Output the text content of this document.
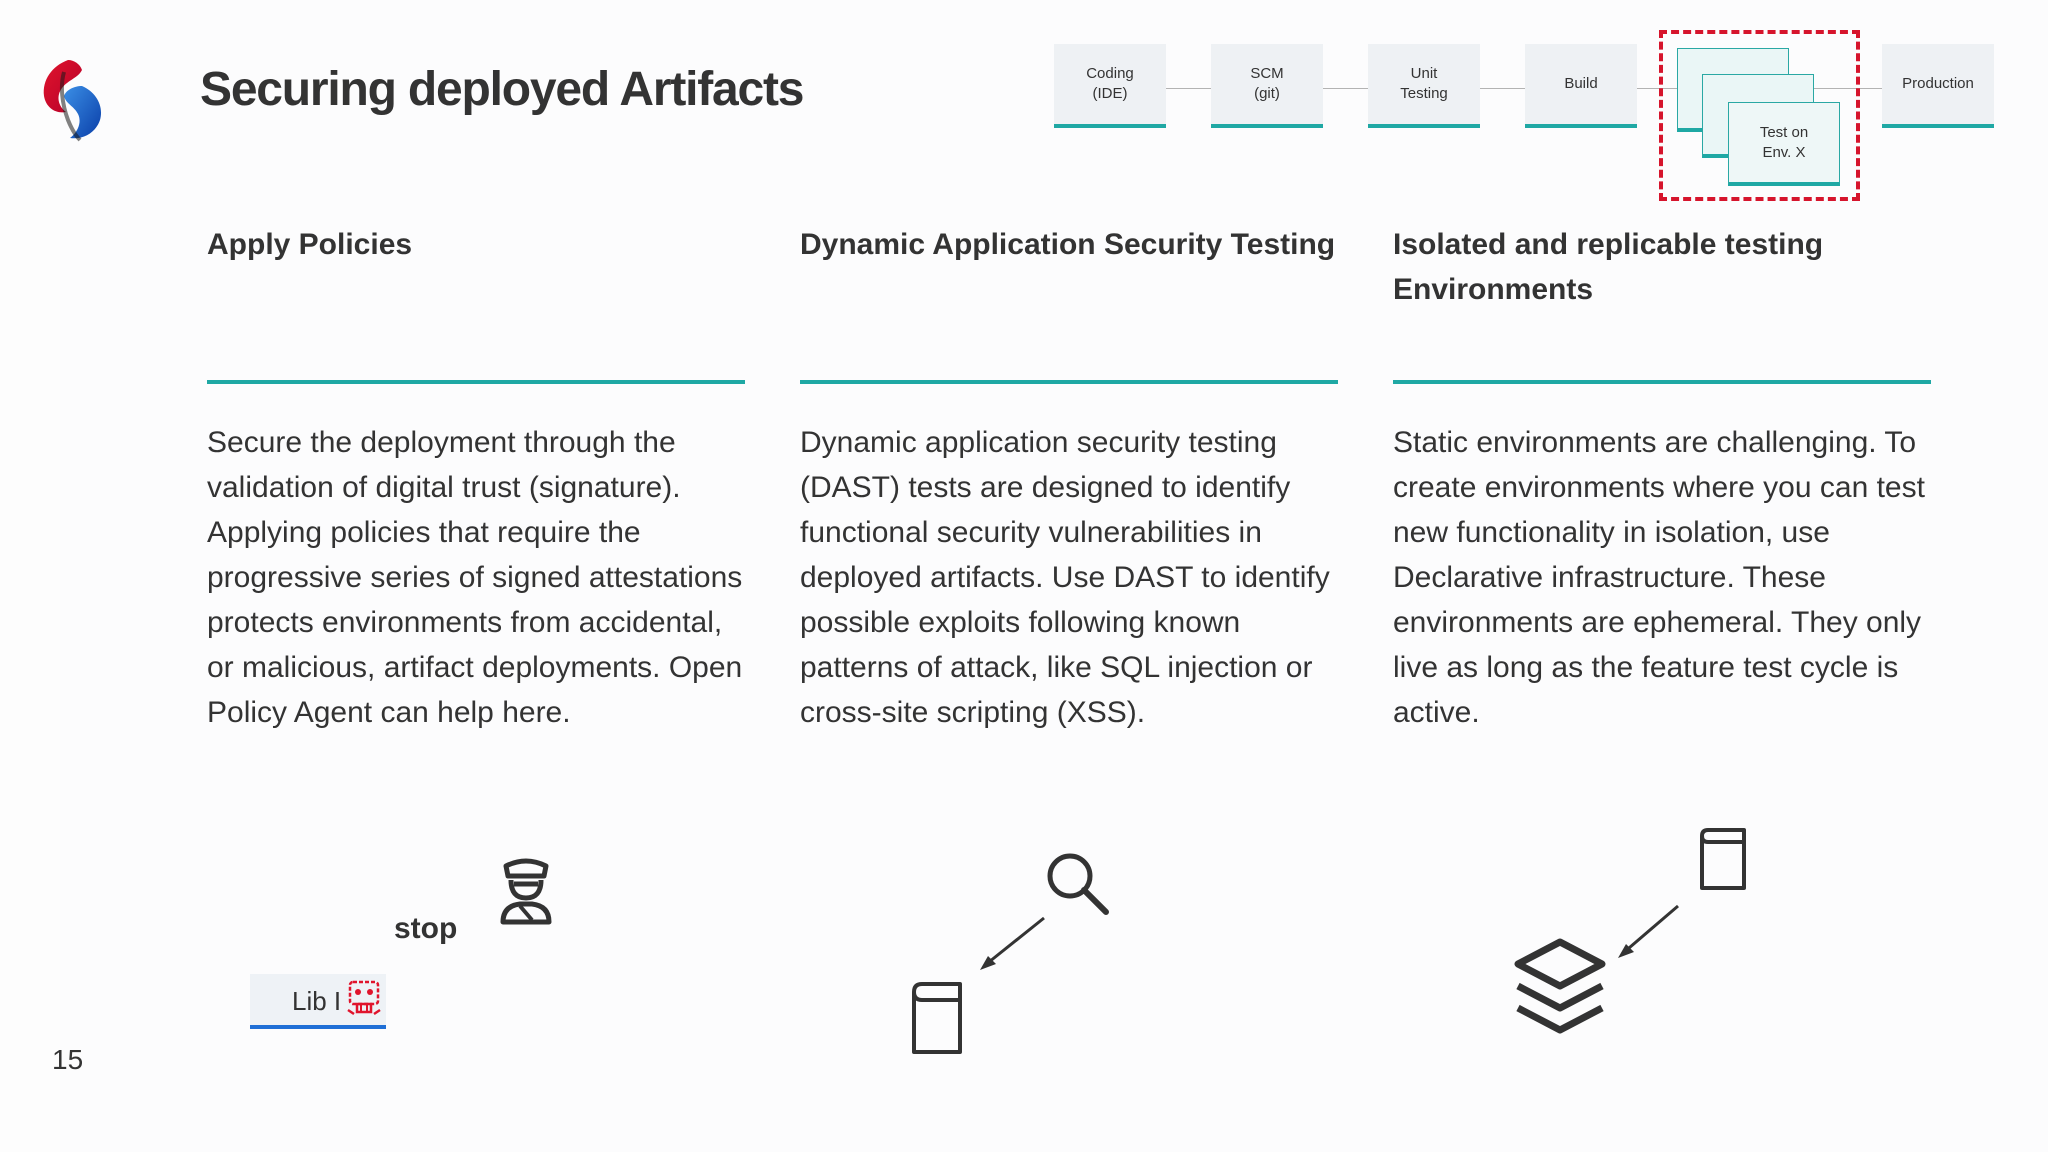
Securing deployed Artifacts	Coding
(IDE)
SCM
(git)
Unit
Testing
Build	Production
Test on
Env. X
Apply Policies
Secure the deployment through the validation of digital trust (signature). Applying policies that require the progressive series of signed attestations protects environments from accidental, or malicious, artifact deployments. Open Policy Agent can help here.
Dynamic Application Security Testing
Dynamic application security testing (DAST) tests are designed to identify functional security vulnerabilities in deployed artifacts. Use DAST to identify possible exploits following known patterns of attack, like SQL injection or cross-site scripting (XSS).
Isolated and replicable testing Environments
Static environments are challenging. To create environments where you can test new functionality in isolation, use Declarative infrastructure. These environments are ephemeral. They only live as long as the feature test cycle is active.
stop
Lib I
15
